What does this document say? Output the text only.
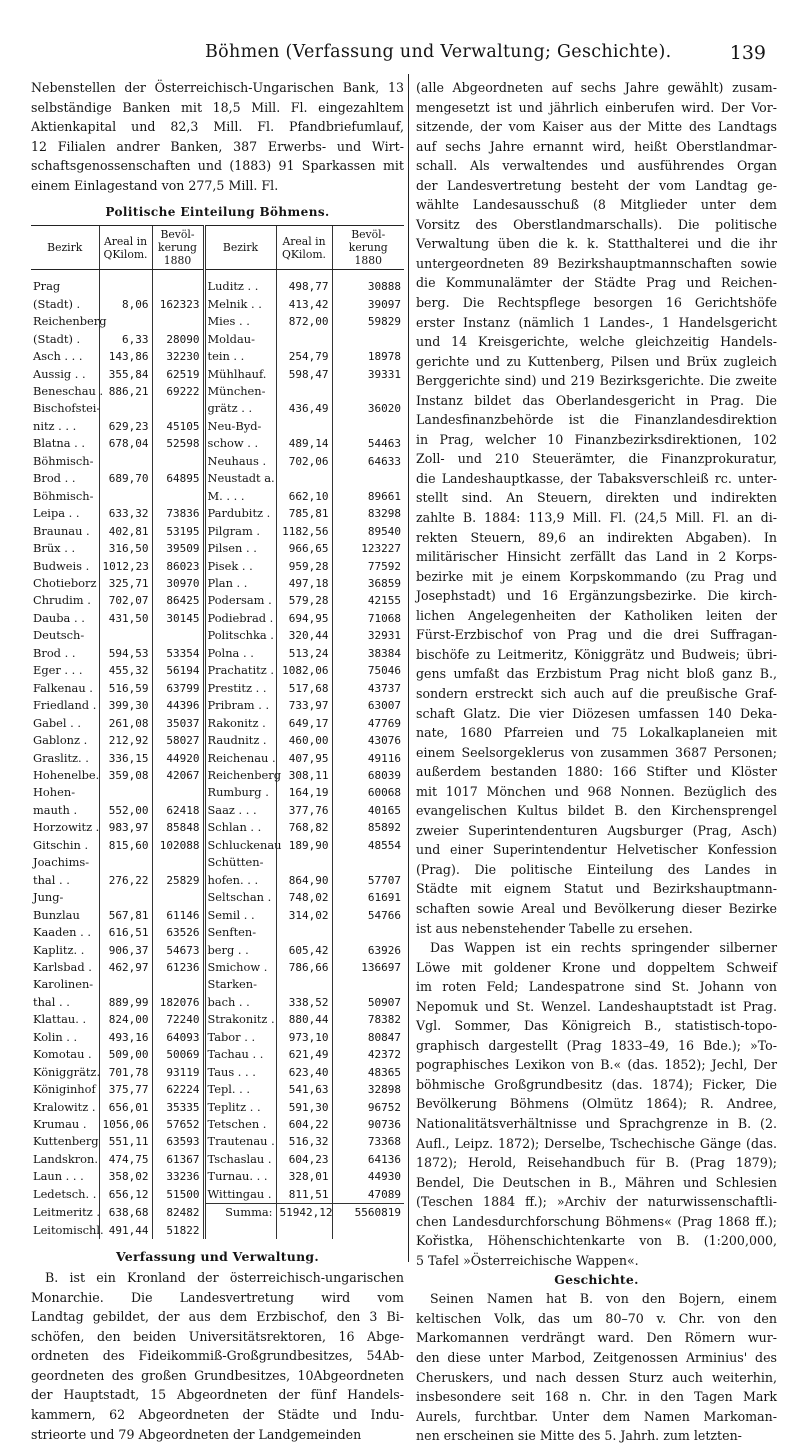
Böhmen (Verfassung und Verwaltung; Geschichte).	139
Nebenstellen der Österreichisch-Ungarischen Bank, 13
selbständige Banken mit 18,5 Mill. Fl. eingezahltem
Aktienkapital und 82,3 Mill. Fl. Pfandbriefumlauf,
12 Filialen andrer Banken, 387 Erwerbs- und Wirt-
schaftsgenossenschaften und (1883) 91 Sparkassen mit
einem Einlagestand von 277,5 Mill. Fl.
Politische Einteilung Böhmens.
Bezirk	Areal in QKilom.	Bevöl- kerung 1880	Bezirk	Areal in QKilom.	Bevöl- kerung 1880
Prag			Luditz . .	498,77	30888
(Stadt) .	8,06	162323	Melnik . .	413,42	39097
Reichenberg			Mies . .	872,00	59829
(Stadt) .	6,33	28090	Moldau-		
Asch . . .	143,86	32230	tein . .	254,79	18978
Aussig . .	355,84	62519	Mühlhauf.	598,47	39331
Beneschau .	886,21	69222	München-		
Bischofstei-			grätz . .	436,49	36020
nitz . . .	629,23	45105	Neu-Byd-		
Blatna . .	678,04	52598	schow . .	489,14	54463
Böhmisch-			Neuhaus .	702,06	64633
Brod . .	689,70	64895	Neustadt a.		
Böhmisch-			M. . . .	662,10	89661
Leipa . .	633,32	73836	Pardubitz .	785,81	83298
Braunau .	402,81	53195	Pilgram .	1182,56	89540
Brüx . .	316,50	39509	Pilsen . .	966,65	123227
Budweis .	1012,23	86023	Pisek . .	959,28	77592
Chotieborz	325,71	30970	Plan . .	497,18	36859
Chrudim .	702,07	86425	Podersam .	579,28	42155
Dauba . .	431,50	30145	Podiebrad .	694,95	71068
Deutsch-			Politschka .	320,44	32931
Brod . .	594,53	53354	Polna . .	513,24	38384
Eger . . .	455,32	56194	Prachatitz .	1082,06	75046
Falkenau .	516,59	63799	Prestitz . .	517,68	43737
Friedland .	399,30	44396	Pribram . .	733,97	63007
Gabel . .	261,08	35037	Rakonitz .	649,17	47769
Gablonz .	212,92	58027	Raudnitz .	460,00	43076
Graslitz. .	336,15	44920	Reichenau .	407,95	49116
Hohenelbe.	359,08	42067	Reichenberg	308,11	68039
Hohen-			Rumburg .	164,19	60068
mauth .	552,00	62418	Saaz . . .	377,76	40165
Horzowitz .	983,97	85848	Schlan . .	768,82	85892
Gitschin .	815,60	102088	Schluckenau	189,90	48554
Joachims-			Schütten-		
thal . .	276,22	25829	hofen. . .	864,90	57707
Jung-			Seltschan .	748,02	61691
Bunzlau	567,81	61146	Semil . .	314,02	54766
Kaaden . .	616,51	63526	Senften-		
Kaplitz. .	906,37	54673	berg . .	605,42	63926
Karlsbad .	462,97	61236	Smichow .	786,66	136697
Karolinen-			Starken-		
thal . .	889,99	182076	bach . .	338,52	50907
Klattau. .	824,00	72240	Strakonitz .	880,44	78382
Kolin . .	493,16	64093	Tabor . .	973,10	80847
Komotau .	509,00	50069	Tachau . .	621,49	42372
Königgrätz.	701,78	93119	Taus . . .	623,40	48365
Königinhof	375,77	62224	Tepl. . .	541,63	32898
Kralowitz .	656,01	35335	Teplitz . .	591,30	96752
Krumau .	1056,06	57652	Tetschen .	604,22	90736
Kuttenberg	551,11	63593	Trautenau .	516,32	73368
Landskron.	474,75	61367	Tschaslau .	604,23	64136
Laun . . .	358,02	33236	Turnau. . .	328,01	44930
Ledetsch. .	656,12	51500	Wittingau .	811,51	47089
Leitmeritz .	638,68	82482	Summa:	51942,12	5560819
Leitomischl.	491,44	51822			
Verfassung und Verwaltung.
B. ist ein Kronland der österreichisch-ungarischen
Monarchie. Die Landesvertretung wird vom
Landtag gebildet, der aus dem Erzbischof, den 3 Bi-
schöfen, den beiden Universitätsrektoren, 16 Abge-
ordneten des Fideikommiß-Großgrundbesitzes, 54Ab-
geordneten des großen Grundbesitzes, 10Abgeordneten
der Hauptstadt, 15 Abgeordneten der fünf Handels-
kammern, 62 Abgeordneten der Städte und Indu-
strieorte und 79 Abgeordneten der Landgemeinden
(alle Abgeordneten auf sechs Jahre gewählt) zusam-
mengesetzt ist und jährlich einberufen wird. Der Vor-
sitzende, der vom Kaiser aus der Mitte des Landtags
auf sechs Jahre ernannt wird, heißt Oberstlandmar-
schall. Als verwaltendes und ausführendes Organ
der Landesvertretung besteht der vom Landtag ge-
wählte Landesausschuß (8 Mitglieder unter dem
Vorsitz des Oberstlandmarschalls). Die politische
Verwaltung üben die k. k. Statthalterei und die ihr
untergeordneten 89 Bezirkshauptmannschaften sowie
die Kommunalämter der Städte Prag und Reichen-
berg. Die Rechtspflege besorgen 16 Gerichtshöfe
erster Instanz (nämlich 1 Landes-, 1 Handelsgericht
und 14 Kreisgerichte, welche gleichzeitig Handels-
gerichte und zu Kuttenberg, Pilsen und Brüx zugleich
Berggerichte sind) und 219 Bezirksgerichte. Die zweite
Instanz bildet das Oberlandesgericht in Prag. Die
Landesfinanzbehörde ist die Finanzlandesdirektion
in Prag, welcher 10 Finanzbezirksdirektionen, 102
Zoll- und 210 Steuerämter, die Finanzprokuratur,
die Landeshauptkasse, der Tabaksverschleiß rc. unter-
stellt sind. An Steuern, direkten und indirekten
zahlte B. 1884: 113,9 Mill. Fl. (24,5 Mill. Fl. an di-
rekten Steuern, 89,6 an indirekten Abgaben). In
militärischer Hinsicht zerfällt das Land in 2 Korps-
bezirke mit je einem Korpskommando (zu Prag und
Josephstadt) und 16 Ergänzungsbezirke. Die kirch-
lichen Angelegenheiten der Katholiken leiten der
Fürst-Erzbischof von Prag und die drei Suffragan-
bischöfe zu Leitmeritz, Königgrätz und Budweis; übri-
gens umfaßt das Erzbistum Prag nicht bloß ganz B.,
sondern erstreckt sich auch auf die preußische Graf-
schaft Glatz. Die vier Diözesen umfassen 140 Deka-
nate, 1680 Pfarreien und 75 Lokalkaplaneien mit
einem Seelsorgeklerus von zusammen 3687 Personen;
außerdem bestanden 1880: 166 Stifter und Klöster
mit 1017 Mönchen und 968 Nonnen. Bezüglich des
evangelischen Kultus bildet B. den Kirchensprengel
zweier Superintendenturen Augsburger (Prag, Asch)
und einer Superintendentur Helvetischer Konfession
(Prag). Die politische Einteilung des Landes in
Städte mit eignem Statut und Bezirkshauptmann-
schaften sowie Areal und Bevölkerung dieser Bezirke
ist aus nebenstehender Tabelle zu ersehen.
Das Wappen ist ein rechts springender silberner
Löwe mit goldener Krone und doppeltem Schweif
im roten Feld; Landespatrone sind St. Johann von
Nepomuk und St. Wenzel. Landeshauptstadt ist Prag.
Vgl. Sommer, Das Königreich B., statistisch-topo-
graphisch dargestellt (Prag 1833–49, 16 Bde.); »To-
pographisches Lexikon von B.« (das. 1852); Jechl, Der
böhmische Großgrundbesitz (das. 1874); Ficker, Die
Bevölkerung Böhmens (Olmütz 1864); R. Andree,
Nationalitätsverhältnisse und Sprachgrenze in B. (2.
Aufl., Leipz. 1872); Derselbe, Tschechische Gänge (das.
1872); Herold, Reisehandbuch für B. (Prag 1879);
Bendel, Die Deutschen in B., Mähren und Schlesien
(Teschen 1884 ff.); »Archiv der naturwissenschaftli-
chen Landesdurchforschung Böhmens« (Prag 1868 ff.);
Kořistka, Höhenschichtenkarte von B. (1:200,000,
5 Tafel »Österreichische Wappen«.
Geschichte.
Seinen Namen hat B. von den Bojern, einem
keltischen Volk, das um 80–70 v. Chr. von den
Markomannen verdrängt ward. Den Römern wur-
den diese unter Marbod, Zeitgenossen Arminius' des
Cheruskers, und nach dessen Sturz auch weiterhin,
insbesondere seit 168 n. Chr. in den Tagen Mark
Aurels, furchtbar. Unter dem Namen Markoman-
nen erscheinen sie Mitte des 5. Jahrh. zum letzten-
